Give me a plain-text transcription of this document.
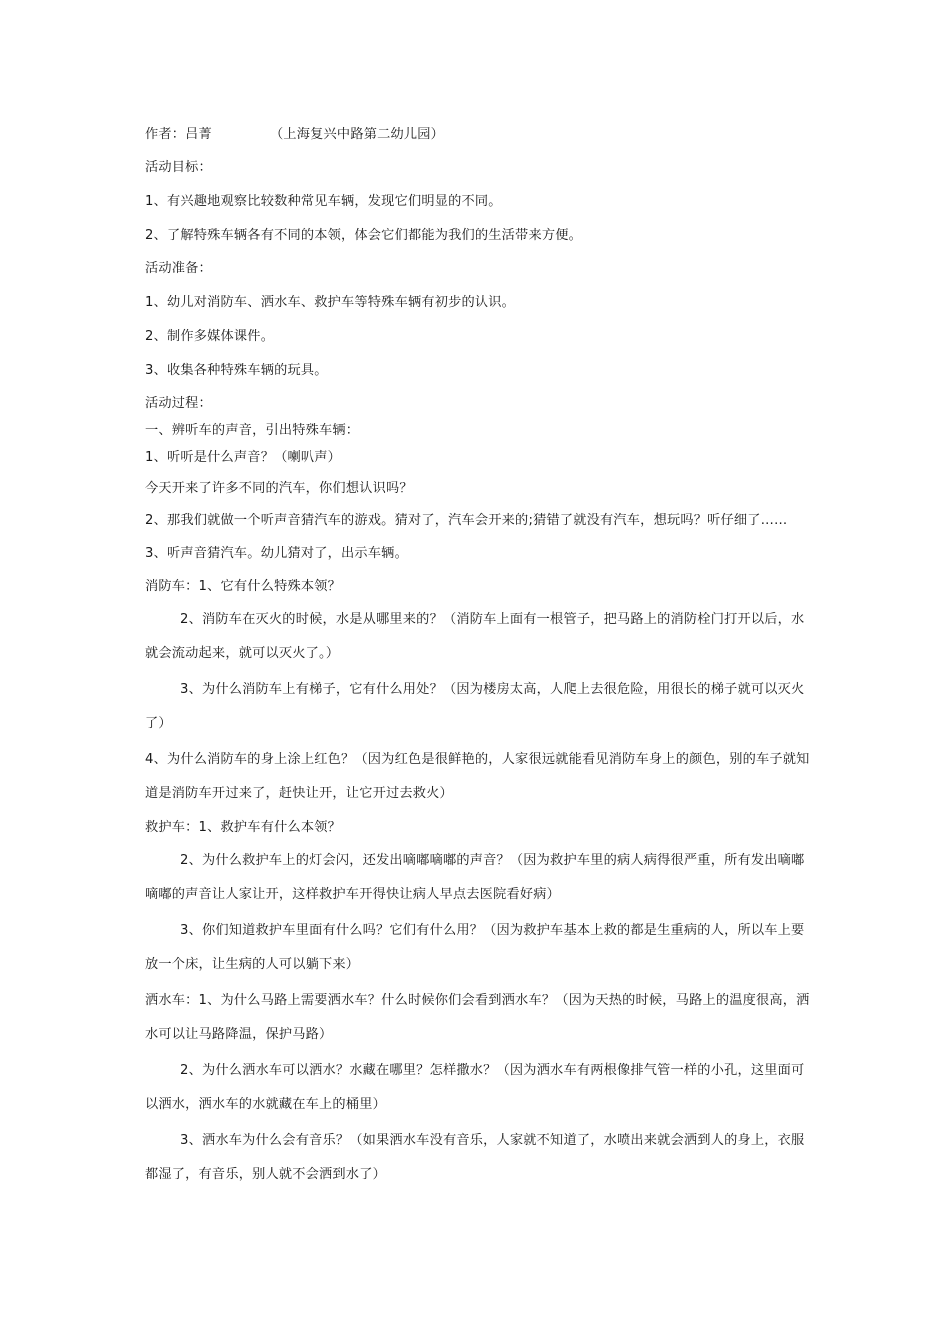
作者：吕菁	（上海复兴中路第二幼儿园）

活动目标：

1、有兴趣地观察比较数种常见车辆，发现它们明显的不同。

2、了解特殊车辆各有不同的本领，体会它们都能为我们的生活带来方便。

活动准备：

1、幼儿对消防车、洒水车、救护车等特殊车辆有初步的认识。

2、制作多媒体课件。

3、收集各种特殊车辆的玩具。

活动过程：

一、辨听车的声音，引出特殊车辆：

1、听听是什么声音？（喇叭声）

今天开来了许多不同的汽车，你们想认识吗？

2、那我们就做一个听声音猜汽车的游戏。猜对了，汽车会开来的;猜错了就没有汽车，想玩吗？听仔细了……

3、听声音猜汽车。幼儿猜对了，出示车辆。

消防车：1、它有什么特殊本领？

2、消防车在灭火的时候，水是从哪里来的？（消防车上面有一根管子，把马路上的消防栓门打开以后，水就会流动起来，就可以灭火了。）

3、为什么消防车上有梯子，它有什么用处？（因为楼房太高，人爬上去很危险，用很长的梯子就可以灭火了）

4、为什么消防车的身上涂上红色？（因为红色是很鲜艳的，人家很远就能看见消防车身上的颜色，别的车子就知道是消防车开过来了，赶快让开，让它开过去救火）

救护车：1、救护车有什么本领？

2、为什么救护车上的灯会闪，还发出嘀嘟嘀嘟的声音？（因为救护车里的病人病得很严重，所有发出嘀嘟嘀嘟的声音让人家让开，这样救护车开得快让病人早点去医院看好病）

3、你们知道救护车里面有什么吗？它们有什么用？（因为救护车基本上救的都是生重病的人，所以车上要放一个床，让生病的人可以躺下来）

洒水车：1、为什么马路上需要洒水车？什么时候你们会看到洒水车？（因为天热的时候，马路上的温度很高，洒水可以让马路降温，保护马路）

2、为什么洒水车可以洒水？水藏在哪里？怎样撒水？（因为洒水车有两根像排气管一样的小孔，这里面可以洒水，洒水车的水就藏在车上的桶里）

3、洒水车为什么会有音乐？（如果洒水车没有音乐，人家就不知道了，水喷出来就会洒到人的身上，衣服都湿了，有音乐，别人就不会洒到水了）
